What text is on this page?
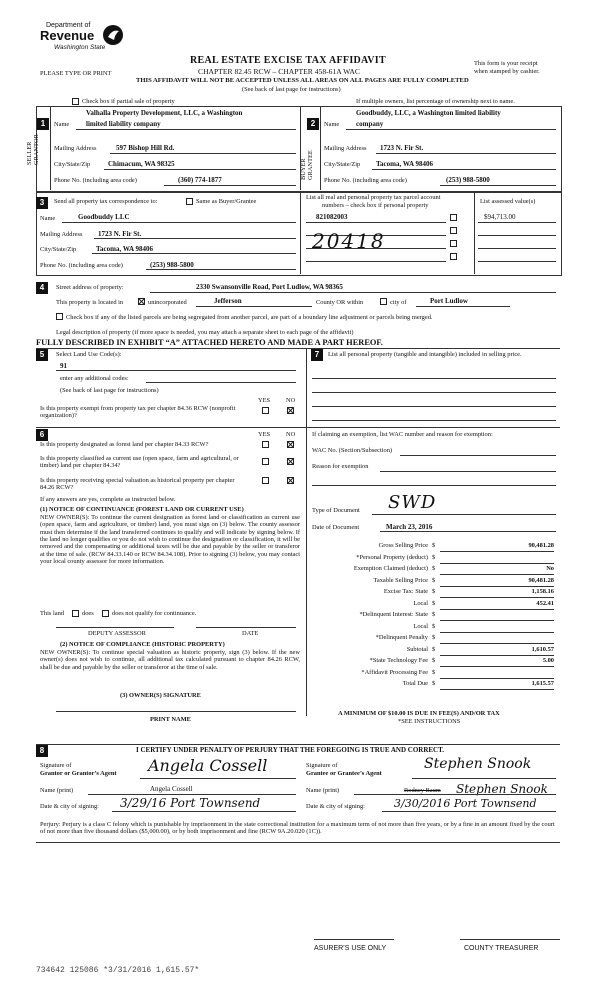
Department of
Revenue
Washington State
PLEASE TYPE OR PRINT
REAL ESTATE EXCISE TAX AFFIDAVIT
CHAPTER 82.45 RCW – CHAPTER 458-61A WAC
THIS AFFIDAVIT WILL NOT BE ACCEPTED UNLESS ALL AREAS ON ALL PAGES ARE FULLY COMPLETED
(See back of last page for instructions)
This form is your receipt
when stamped by cashier.
Check box if partial sale of property	If multiple owners, list percentage of ownership next to name.
1	2
SELLER GRANTOR
BUYER GRANTEE
Valhalla Property Development, LLC, a Washington
Name limited liability company
Mailing Address	597 Bishop Hill Rd.
City/State/Zip	Chimacum, WA 98325
Phone No. (including area code)	(360) 774-1877
Goodbuddy, LLC, a Washington limited liability
Name company
Mailing Address 1723 N. Fir St.
City/State/Zip Tacoma, WA 98406
Phone No. (including area code)	(253) 988-5800
3	Send all property tax correspondence to:	Same as Buyer/Grantee
Name	Goodbuddy LLC
Mailing Address 1723 N. Fir St.
City/State/Zip	Tacoma, WA 98406
Phone No. (including area code)	(253) 988-5800
List all real and personal property tax parcel account
numbers – check box if personal property
List assessed value(s)
821082003	$94,713.00
20418
4	Street address of property:	2330 Swansonville Road, Port Ludlow, WA 98365
This property is located in	unincorporated	Jefferson	County OR within	city of	Port Ludlow
Check box if any of the listed parcels are being segregated from another parcel, are part of a boundary line adjustment or parcels being merged.
Legal description of property (if more space is needed, you may attach a separate sheet to each page of the affidavit)
FULLY DESCRIBED IN EXHIBIT “A” ATTACHED HERETO AND MADE A PART HEREOF.
5	Select Land Use Code(s):
91
enter any additional codes:
(See back of last page for instructions)
YES NO
Is this property exempt from property tax per chapter 84.36 RCW (nonprofit organization)?
7	List all personal property (tangible and intangible) included in selling price.
6	YES NO
Is this property designated as forest land per chapter 84.33 RCW?
Is this property classified as current use (open space, farm and agricultural, or timber) land per chapter 84.34?
Is this property receiving special valuation as historical property per chapter 84.26 RCW?
If any answers are yes, complete as instructed below.
(1) NOTICE OF CONTINUANCE (FOREST LAND OR CURRENT USE)
NEW OWNER(S): To continue the current designation as forest land or classification as current use (open space, farm and agriculture, or timber) land, you must sign on (3) below. The county assessor must then determine if the land transferred continues to qualify and will indicate by signing below. If the land no longer qualifies or you do not wish to continue the designation or classification, it will be removed and the compensating or additional taxes will be due and payable by the seller or transferor at the time of sale. (RCW 84.33.140 or RCW 84.34.108). Prior to signing (3) below, you may contact your local county assessor for more information.
This land	does	does not qualify for continuance.
DEPUTY ASSESSOR	DATE
(2) NOTICE OF COMPLIANCE (HISTORIC PROPERTY)
NEW OWNER(S): To continue special valuation as historic property, sign (3) below. If the new owner(s) does not wish to continue, all additional tax calculated pursuant to chapter 84.26 RCW, shall be due and payable by the seller or transferor at the time of sale.
(3) OWNER(S) SIGNATURE
PRINT NAME
If claiming an exemption, list WAC number and reason for exemption:
WAC No. (Section/Subsection)
Reason for exemption
Type of Document SWD
Date of Document	March 23, 2016
Gross Selling Price $	90,481.28
*Personal Property (deduct) $
Exemption Claimed (deduct) $	No
Taxable Selling Price $	90,481.28
Excise Tax: State $	1,158.16
Local $	452.41
*Delinquent Interest: State $
Local $
*Delinquent Penalty $
Subtotal $	1,610.57
*State Technology Fee $	5.00
*Affidavit Processing Fee $
Total Due $	1,615.57
A MINIMUM OF $10.00 IS DUE IN FEE(S) AND/OR TAX
*SEE INSTRUCTIONS
8	I CERTIFY UNDER PENALTY OF PERJURY THAT THE FOREGOING IS TRUE AND CORRECT.
Signature of
Grantor or Grantor’s Agent Angela Cossell
Name (print)	Angela Cossell
Date & city of signing: 3/29/16 Port Townsend
Signature of
Grantee or Grantee’s Agent
Stephen Snook
Name (print)	Rodney Baum Stephen Snook
Date & city of signing:	3/30/2016 Port Townsend
Perjury: Perjury is a class C felony which is punishable by imprisonment in the state correctional institution for a maximum term of not more than five years, or by a fine in an amount fixed by the court of not more than five thousand dollars ($5,000.00), or by both imprisonment and fine (RCW 9A.20.020 (1C)).
ASURER’S USE ONLY	COUNTY TREASURER
734642 125086 *3/31/2016 1,615.57*
